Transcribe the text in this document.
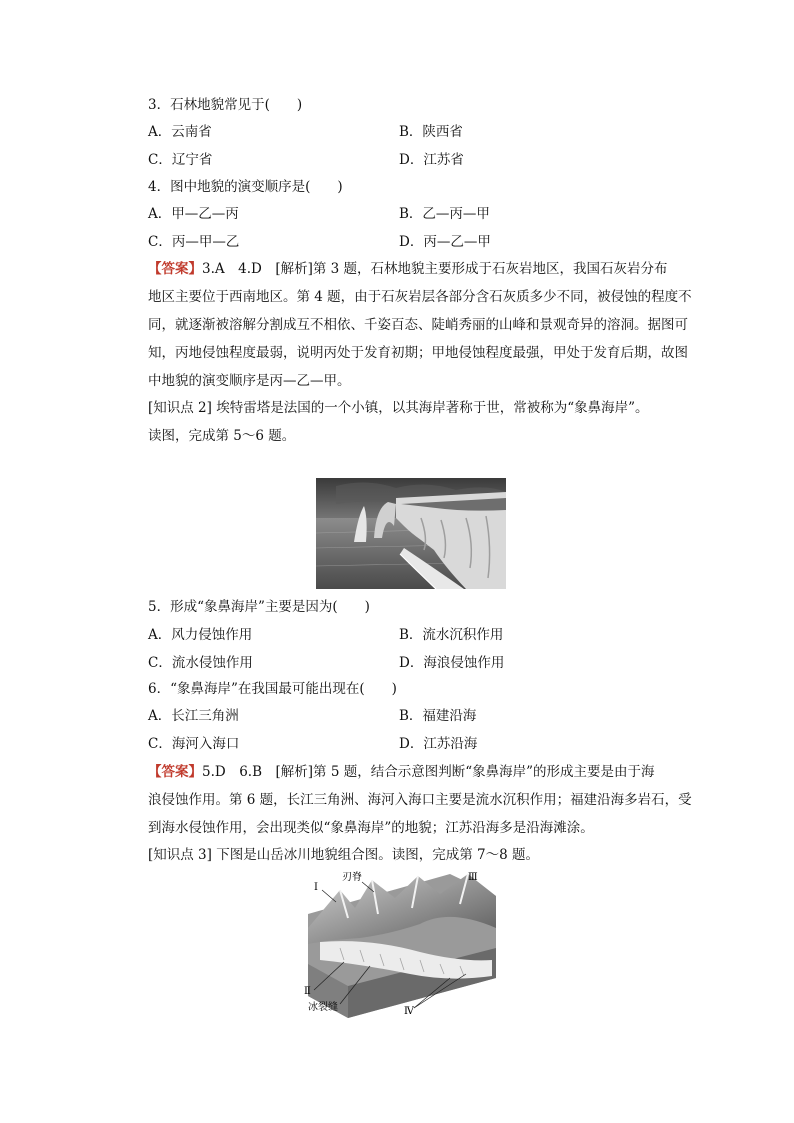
3．石林地貌常见于(　　)
A．云南省	B．陕西省
C．辽宁省	D．江苏省
4．图中地貌的演变顺序是(　　)
A．甲—乙—丙	B．乙—丙—甲
C．丙—甲—乙	D．丙—乙—甲
【答案】3.A　4.D　[解析]第 3 题，石林地貌主要形成于石灰岩地区，我国石灰岩分布
地区主要位于西南地区。第 4 题，由于石灰岩层各部分含石灰质多少不同，被侵蚀的程度不
同，就逐渐被溶解分割成互不相依、千姿百态、陡峭秀丽的山峰和景观奇异的溶洞。据图可
知，丙地侵蚀程度最弱，说明丙处于发育初期；甲地侵蚀程度最强，甲处于发育后期，故图
中地貌的演变顺序是丙—乙—甲。
[知识点 2] 埃特雷塔是法国的一个小镇，以其海岸著称于世，常被称为“象鼻海岸”。
读图，完成第 5～6 题。
5．形成“象鼻海岸”主要是因为(　　)
A．风力侵蚀作用	B．流水沉积作用
C．流水侵蚀作用	D．海浪侵蚀作用
6．“象鼻海岸”在我国最可能出现在(　　)
A．长江三角洲	B．福建沿海
C．海河入海口	D．江苏沿海
【答案】5.D　6.B　[解析]第 5 题，结合示意图判断“象鼻海岸”的形成主要是由于海
浪侵蚀作用。第 6 题，长江三角洲、海河入海口主要是流水沉积作用；福建沿海多岩石，受
到海水侵蚀作用，会出现类似“象鼻海岸”的地貌；江苏沿海多是沿海滩涂。
[知识点 3] 下图是山岳冰川地貌组合图。读图，完成第 7～8 题。
Ⅰ
刃脊	Ⅲ
Ⅱ
冰裂缝	Ⅳ
